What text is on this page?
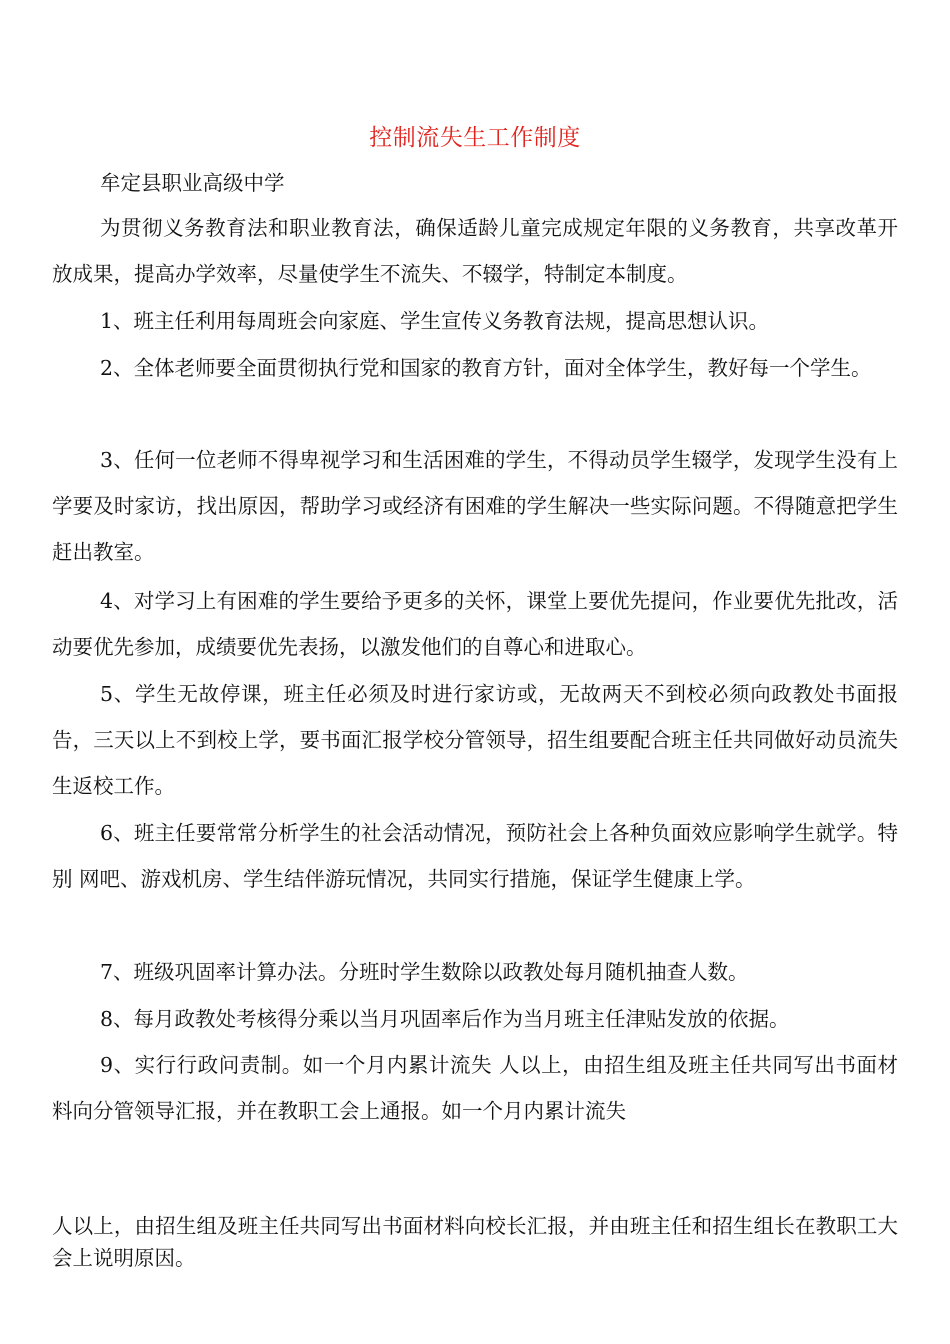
控制流失生工作制度
牟定县职业高级中学

为贯彻义务教育法和职业教育法，确保适龄儿童完成规定年限的义务教育，共享改革开放成果，提高办学效率，尽量使学生不流失、不辍学，特制定本制度。

1、班主任利用每周班会向家庭、学生宣传义务教育法规，提高思想认识。

2、全体老师要全面贯彻执行党和国家的教育方针，面对全体学生，教好每一个学生。

3、任何一位老师不得卑视学习和生活困难的学生，不得动员学生辍学，发现学生没有上学要及时家访，找出原因，帮助学习或经济有困难的学生解决一些实际问题。不得随意把学生赶出教室。

4、对学习上有困难的学生要给予更多的关怀，课堂上要优先提问，作业要优先批改，活动要优先参加，成绩要优先表扬，以激发他们的自尊心和进取心。

5、学生无故停课，班主任必须及时进行家访或，无故两天不到校必须向政教处书面报告，三天以上不到校上学，要书面汇报学校分管领导，招生组要配合班主任共同做好动员流失生返校工作。

6、班主任要常常分析学生的社会活动情况，预防社会上各种负面效应影响学生就学。特别 网吧、游戏机房、学生结伴游玩情况，共同实行措施，保证学生健康上学。

7、班级巩固率计算办法。分班时学生数除以政教处每月随机抽查人数。

8、每月政教处考核得分乘以当月巩固率后作为当月班主任津贴发放的依据。

9、实行行政问责制。如一个月内累计流失 人以上，由招生组及班主任共同写出书面材料向分管领导汇报，并在教职工会上通报。如一个月内累计流失

人以上，由招生组及班主任共同写出书面材料向校长汇报，并由班主任和招生组长在教职工大会上说明原因。
